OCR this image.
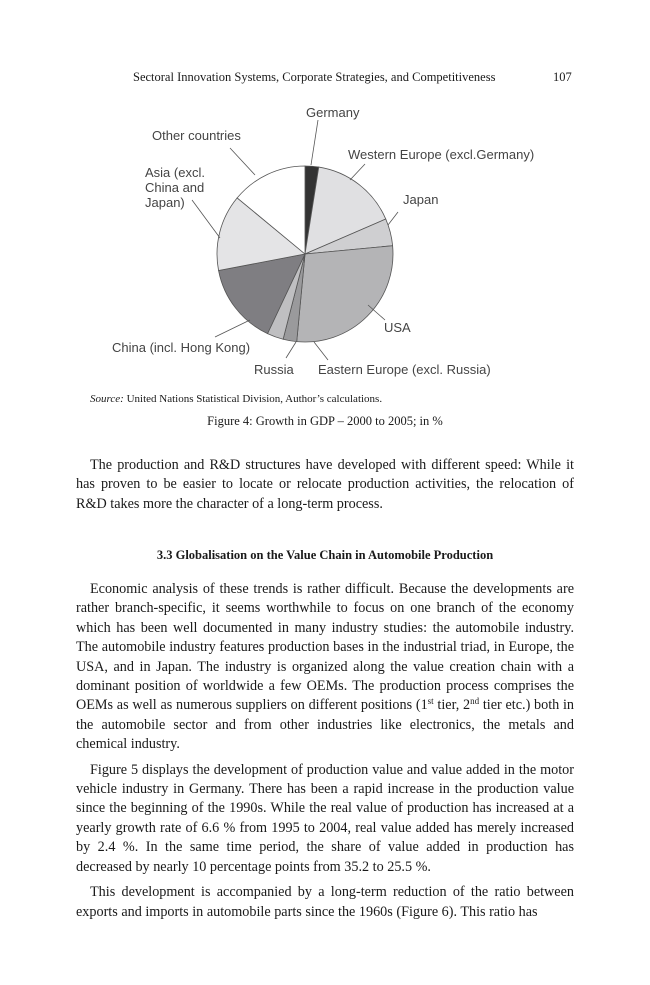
Sectoral Innovation Systems, Corporate Strategies, and Competitiveness	107
Germany
Western Europe (excl.Germany)
Japan
USA
Eastern Europe (excl. Russia)
Russia
China (incl. Hong Kong)
Asia (excl. China and Japan)
Other countries
Source: United Nations Statistical Division, Author’s calculations.
Figure 4: Growth in GDP – 2000 to 2005; in %

The production and R&D structures have developed with different speed: While it has proven to be easier to locate or relocate production activities, the relocation of R&D takes more the character of a long-term process.

3.3 Globalisation on the Value Chain in Automobile Production

Economic analysis of these trends is rather difficult. Because the developments are rather branch-specific, it seems worthwhile to focus on one branch of the economy which has been well documented in many industry studies: the automobile industry. The automobile industry features production bases in the industrial triad, in Europe, the USA, and in Japan. The industry is organized along the value creation chain with a dominant position of worldwide a few OEMs. The production process comprises the OEMs as well as numerous suppliers on different positions (1st tier, 2nd tier etc.) both in the automobile sector and from other industries like electronics, the metals and chemical industry.

Figure 5 displays the development of production value and value added in the motor vehicle industry in Germany. There has been a rapid increase in the production value since the beginning of the 1990s. While the real value of production has increased at a yearly growth rate of 6.6 % from 1995 to 2004, real value added has merely increased by 2.4 %. In the same time period, the share of value added in production has decreased by nearly 10 percentage points from 35.2 to 25.5 %.

This development is accompanied by a long-term reduction of the ratio between exports and imports in automobile parts since the 1960s (Figure 6). This ratio has
